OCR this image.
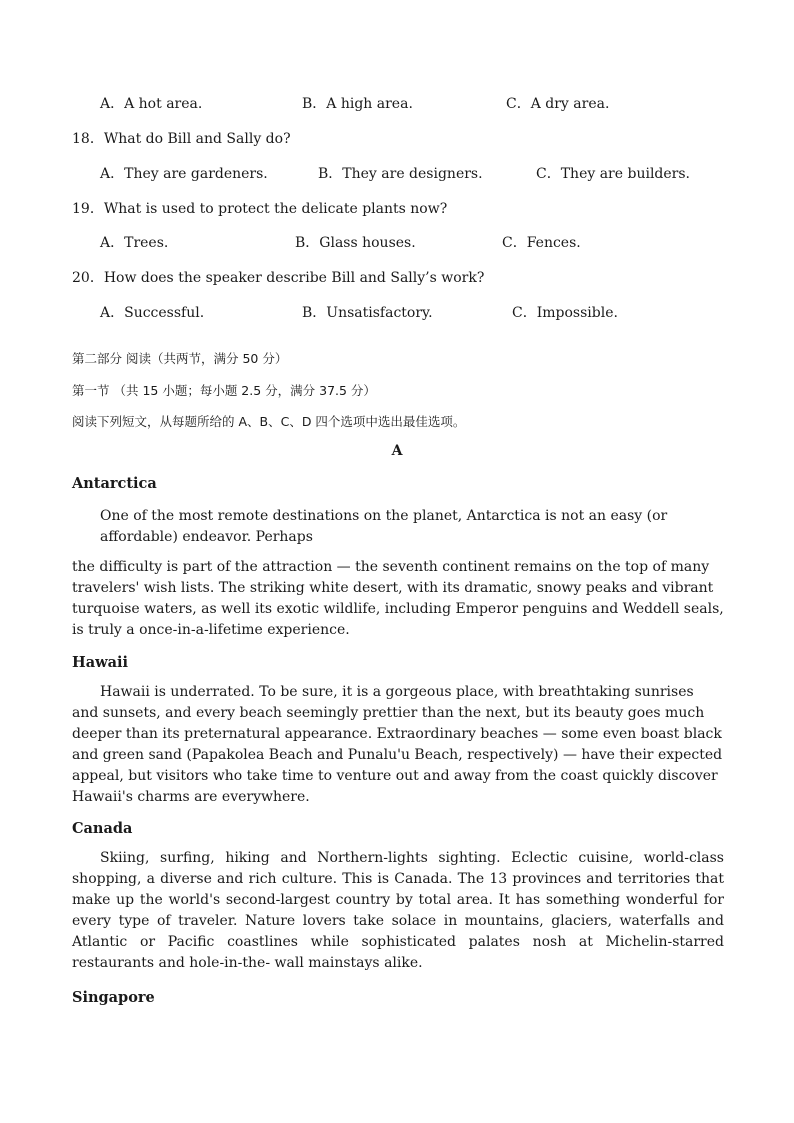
A．A hot area.	B．A high area.	C．A dry area.
18．What do Bill and Sally do?
A．They are gardeners.	B．They are designers.	C．They are builders.
19．What is used to protect the delicate plants now?
A．Trees.	B．Glass houses.	C．Fences.
20．How does the speaker describe Bill and Sally’s work?
A．Successful.	B．Unsatisfactory.	C．Impossible.
第二部分 阅读（共两节，满分 50 分）
第一节 （共 15 小题；每小题 2.5 分，满分 37.5 分）
阅读下列短文，从每题所给的 A、B、C、D 四个选项中选出最佳选项。
A
Antarctica

One of the most remote destinations on the planet, Antarctica is not an easy (or affordable) endeavor. Perhaps

the difficulty is part of the attraction — the seventh continent remains on the top of many travelers' wish lists. The striking white desert, with its dramatic, snowy peaks and vibrant turquoise waters, as well its exotic wildlife, including Emperor penguins and Weddell seals, is truly a once-in-a-lifetime experience.

Hawaii

Hawaii is underrated. To be sure, it is a gorgeous place, with breathtaking sunrises and sunsets, and every beach seemingly prettier than the next, but its beauty goes much deeper than its preternatural appearance. Extraordinary beaches — some even boast black and green sand (Papakolea Beach and Punalu'u Beach, respectively) — have their expected appeal, but visitors who take time to venture out and away from the coast quickly discover Hawaii's charms are everywhere.

Canada

Skiing, surfing, hiking and Northern-lights sighting. Eclectic cuisine, world-class shopping, a diverse and rich culture. This is Canada. The 13 provinces and territories that make up the world's second-largest country by total area. It has something wonderful for every type of traveler. Nature lovers take solace in mountains, glaciers, waterfalls and Atlantic or Pacific coastlines while sophisticated palates nosh at Michelin-starred restaurants and hole-in-the- wall mainstays alike.

Singapore
